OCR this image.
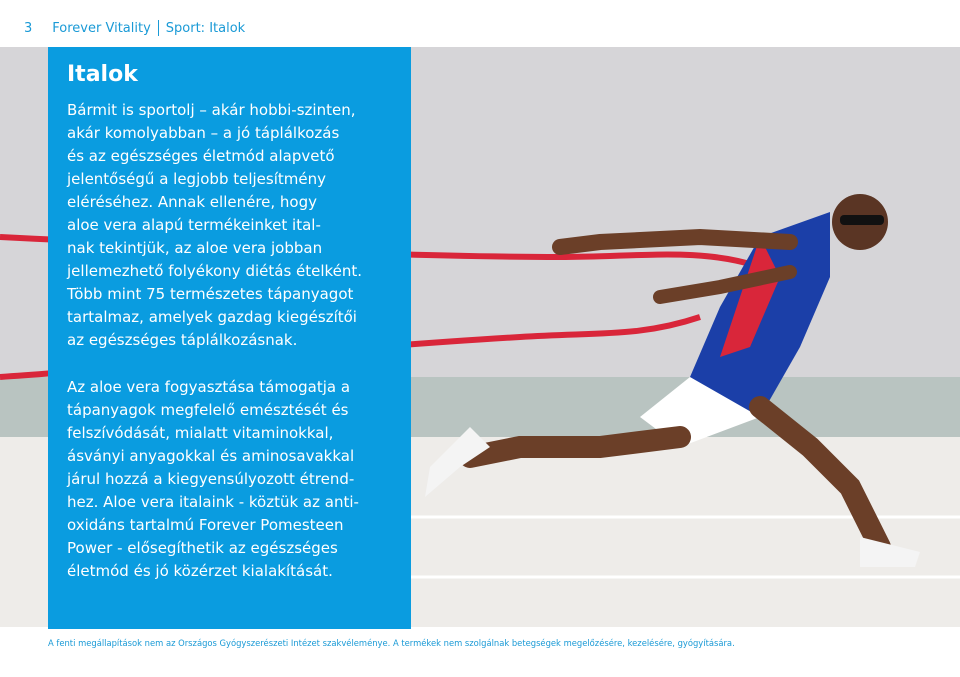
3 Forever Vitality Sport: Italok
Italok
Bármit is sportolj – akár hobbi-szinten,
akár komolyabban – a jó táplálkozás
és az egészséges életmód alapvető
jelentőségű a legjobb teljesítmény
eléréséhez. Annak ellenére, hogy
aloe vera alapú termékeinket ital-
nak tekintjük, az aloe vera jobban
jellemezhető folyékony diétás ételként.
Több mint 75 természetes tápanyagot
tartalmaz, amelyek gazdag kiegészítői
az egészséges táplálkozásnak.
Az aloe vera fogyasztása támogatja a
tápanyagok megfelelő emésztését és
felszívódását, mialatt vitaminokkal,
ásványi anyagokkal és aminosavakkal
járul hozzá a kiegyensúlyozott étrend-
hez. Aloe vera italaink - köztük az anti-
oxidáns tartalmú Forever Pomesteen
Power - elősegíthetik az egészséges
életmód és jó közérzet kialakítását.
A fenti megállapítások nem az Országos Gyógyszerészeti Intézet szakvéleménye. A termékek nem szolgálnak betegségek megelőzésére, kezelésére, gyógyítására.
